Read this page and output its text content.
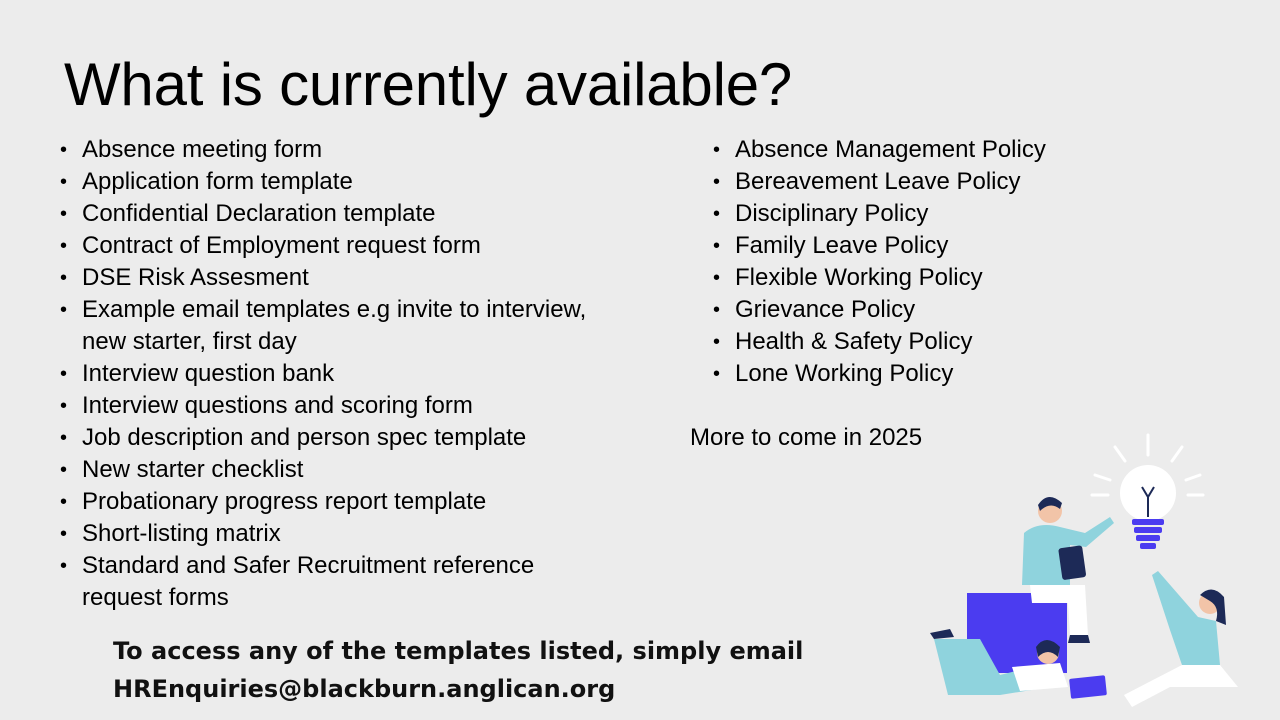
What is currently available?
• Absence meeting form
• Application form template
• Confidential Declaration template
• Contract of Employment request form
• DSE Risk Assesment
• Example email templates e.g invite to interview, new starter, first day
• Interview question bank
• Interview questions and scoring form
• Job description and person spec template
• New starter checklist
• Probationary progress report template
• Short-listing matrix
• Standard and Safer Recruitment reference request forms
• Absence Management Policy
• Bereavement Leave Policy
• Disciplinary Policy
• Family Leave Policy
• Flexible Working Policy
• Grievance Policy
• Health & Safety Policy
• Lone Working Policy
More to come in 2025
To access any of the templates listed, simply email
HREnquiries@blackburn.anglican.org
